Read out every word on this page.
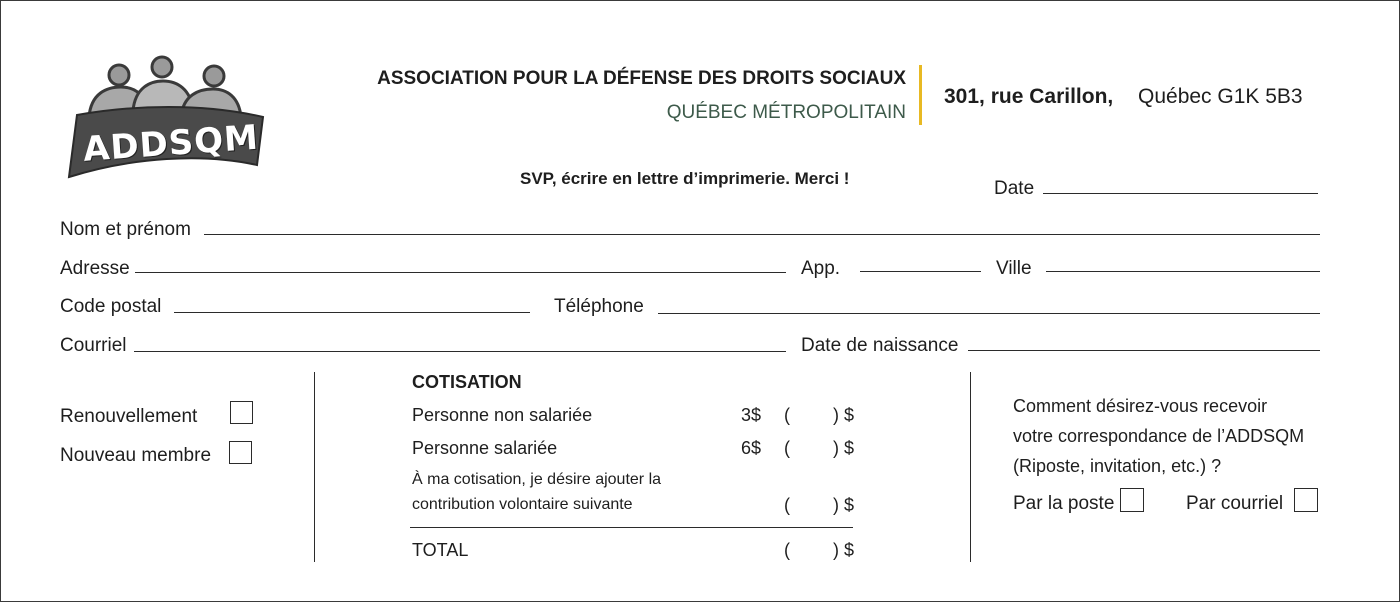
ADDSQM
ASSOCIATION POUR LA DÉFENSE DES DROITS SOCIAUX
QUÉBEC MÉTROPOLITAIN
301, rue Carillon, Québec G1K 5B3
SVP, écrire en lettre d’imprimerie. Merci !	Date
Nom et prénom
Adresse	App.	Ville
Code postal	Téléphone
Courriel	Date de naissance
Renouvellement
Nouveau membre
COTISATION
Personne non salariée	3$ ( ) $
Personne salariée	6$ ( ) $
À ma cotisation, je désire ajouter la
contribution volontaire suivante	( ) $
TOTAL	( ) $
Comment désirez-vous recevoir
votre correspondance de l’ADDSQM
(Riposte, invitation, etc.) ?
Par la poste	Par courriel
